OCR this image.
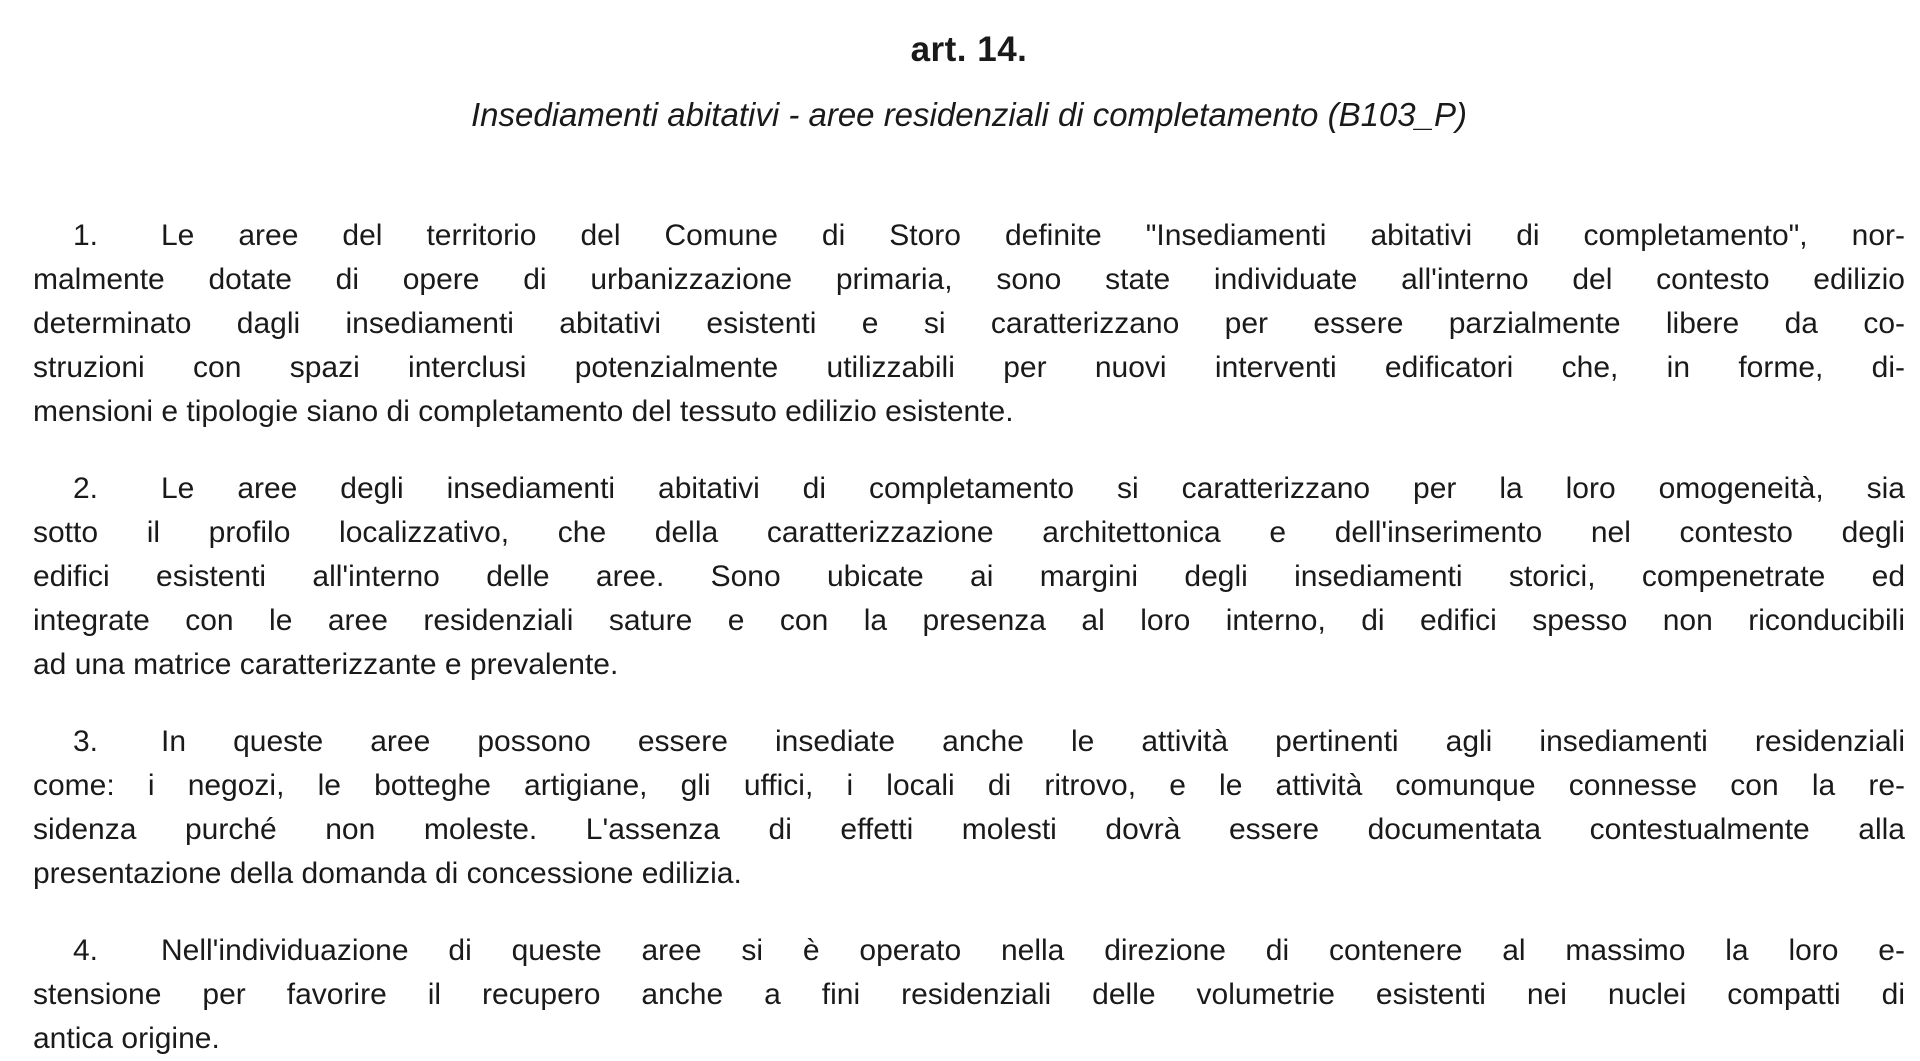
art. 14.
Insediamenti abitativi - aree residenziali di completamento (B103_P)
1. Le aree del territorio del Comune di Storo definite "Insediamenti abitativi di completamento", nor-
malmente dotate di opere di urbanizzazione primaria, sono state individuate all'interno del contesto edilizio
determinato dagli insediamenti abitativi esistenti e si caratterizzano per essere parzialmente libere da co-
struzioni con spazi interclusi potenzialmente utilizzabili per nuovi interventi edificatori che, in forme, di-
mensioni e tipologie siano di completamento del tessuto edilizio esistente.
2. Le aree degli insediamenti abitativi di completamento si caratterizzano per la loro omogeneità, sia
sotto il profilo localizzativo, che della caratterizzazione architettonica e dell'inserimento nel contesto degli
edifici esistenti all'interno delle aree. Sono ubicate ai margini degli insediamenti storici, compenetrate ed
integrate con le aree residenziali sature e con la presenza al loro interno, di edifici spesso non riconducibili
ad una matrice caratterizzante e prevalente.
3. In queste aree possono essere insediate anche le attività pertinenti agli insediamenti residenziali
come: i negozi, le botteghe artigiane, gli uffici, i locali di ritrovo, e le attività comunque connesse con la re-
sidenza purché non moleste. L'assenza di effetti molesti dovrà essere documentata contestualmente alla
presentazione della domanda di concessione edilizia.
4. Nell'individuazione di queste aree si è operato nella direzione di contenere al massimo la loro e-
stensione per favorire il recupero anche a fini residenziali delle volumetrie esistenti nei nuclei compatti di
antica origine.
